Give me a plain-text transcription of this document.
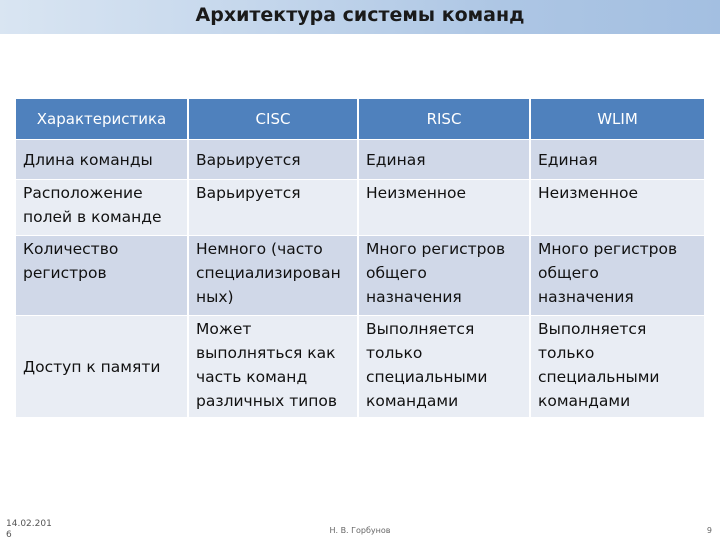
Архитектура системы команд
Характеристика	CISC	RISC	WLIM
Длина команды	Варьируется	Единая	Единая
Расположение полей в команде	Варьируется	Неизменное	Неизменное
Количество регистров	Немного (часто специализирован ных)	Много регистров общего назначения	Много регистров общего назначения
Доступ к памяти	Может выполняться как часть команд различных типов	Выполняется только специальными командами	Выполняется только специальными командами
14.02.201 6	Н. В. Горбунов	9
